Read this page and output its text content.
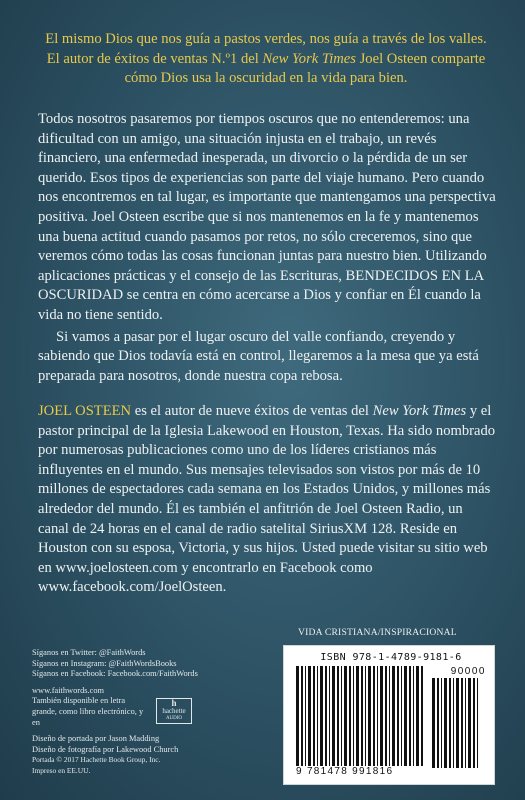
El mismo Dios que nos guía a pastos verdes, nos guía a través de los valles. El autor de éxitos de ventas N.º1 del New York Times Joel Osteen comparte cómo Dios usa la oscuridad en la vida para bien.

Todos nosotros pasaremos por tiempos oscuros que no entenderemos: una dificultad con un amigo, una situación injusta en el trabajo, un revés financiero, una enfermedad inesperada, un divorcio o la pérdida de un ser querido. Esos tipos de experiencias son parte del viaje humano. Pero cuando nos encontremos en tal lugar, es importante que mantengamos una perspectiva positiva. Joel Osteen escribe que si nos mantenemos en la fe y mantenemos una buena actitud cuando pasamos por retos, no sólo creceremos, sino que veremos cómo todas las cosas funcionan juntas para nuestro bien. Utilizando aplicaciones prácticas y el consejo de las Escrituras, BENDECIDOS EN LA OSCURIDAD se centra en cómo acercarse a Dios y confiar en Él cuando la vida no tiene sentido.

Si vamos a pasar por el lugar oscuro del valle confiando, creyendo y sabiendo que Dios todavía está en control, llegaremos a la mesa que ya está preparada para nosotros, donde nuestra copa rebosa.

JOEL OSTEEN es el autor de nueve éxitos de ventas del New York Times y el pastor principal de la Iglesia Lakewood en Houston, Texas. Ha sido nombrado por numerosas publicaciones como uno de los líderes cristianos más influyentes en el mundo. Sus mensajes televisados son vistos por más de 10 millones de espectadores cada semana en los Estados Unidos, y millones más alrededor del mundo. Él es también el anfitrión de Joel Osteen Radio, un canal de 24 horas en el canal de radio satelital SiriusXM 128. Reside en Houston con su esposa, Victoria, y sus hijos. Usted puede visitar su sitio web en www.joelosteen.com y encontrarlo en Facebook como www.facebook.com/JoelOsteen.

VIDA CRISTIANA/INSPIRACIONAL
Síganos en Twitter: @FaithWords
Síganos en Instagram: @FaithWordsBooks
Síganos en Facebook: Facebook.com/FaithWords
www.faithwords.com
También disponible en letra grande, como libro electrónico, y en
h
hachette
AUDIO
Diseño de portada por Jason Madding
Diseño de fotografía por Lakewood Church
Portada © 2017 Hachette Book Group, Inc.
Impreso en EE.UU.
ISBN 978-1-4789-9181-6
90000
9 781478 991816
